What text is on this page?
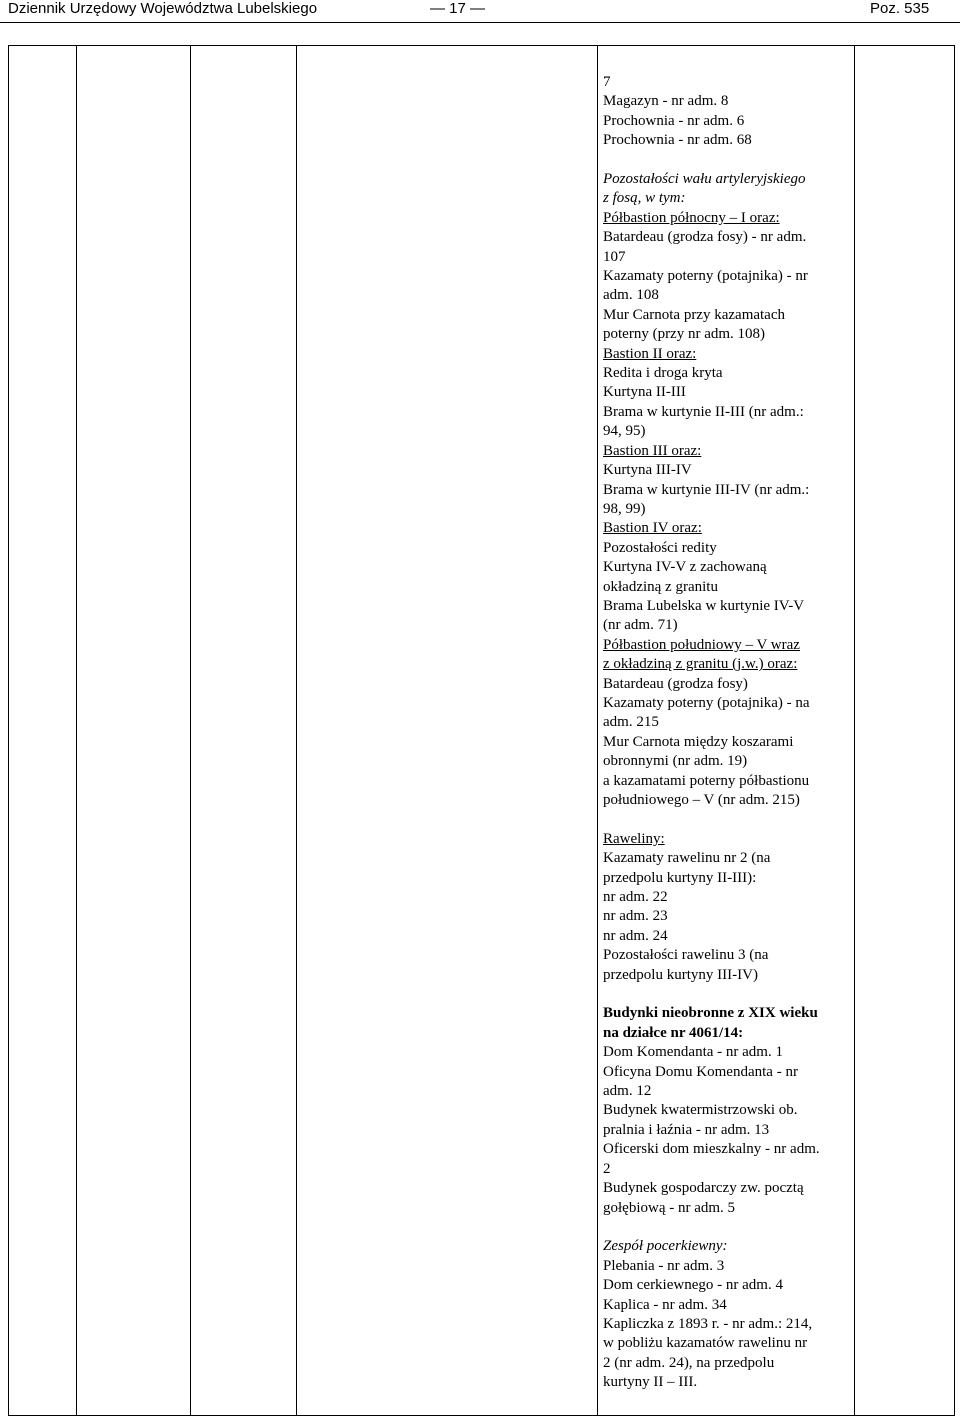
Dziennik Urzędowy Województwa Lubelskiego	— 17 —	Poz. 535

7
Magazyn - nr adm. 8
Prochownia - nr adm. 6
Prochownia - nr adm. 68
Pozostałości wału artyleryjskiego
z fosą, w tym:
Półbastion północny – I oraz:
Batardeau (grodza fosy) - nr adm.
107
Kazamaty poterny (potajnika) - nr
adm. 108
Mur Carnota przy kazamatach
poterny (przy nr adm. 108)
Bastion II oraz:
Redita i droga kryta
Kurtyna II-III
Brama w kurtynie II-III (nr adm.:
94, 95)
Bastion III oraz:
Kurtyna III-IV
Brama w kurtynie III-IV (nr adm.:
98, 99)
Bastion IV oraz:
Pozostałości redity
Kurtyna IV-V z zachowaną
okładziną z granitu
Brama Lubelska w kurtynie IV-V
(nr adm. 71)
Półbastion południowy – V wraz
z okładziną z granitu (j.w.) oraz:
Batardeau (grodza fosy)
Kazamaty poterny (potajnika) - na
adm. 215
Mur Carnota między koszarami
obronnymi (nr adm. 19)
a kazamatami poterny półbastionu
południowego – V (nr adm. 215)
Raweliny:
Kazamaty rawelinu nr 2 (na
przedpolu kurtyny II-III):
nr adm. 22
nr adm. 23
nr adm. 24
Pozostałości rawelinu 3 (na
przedpolu kurtyny III-IV)
Budynki nieobronne z XIX wieku
na działce nr 4061/14:
Dom Komendanta - nr adm. 1
Oficyna Domu Komendanta - nr
adm. 12
Budynek kwatermistrzowski ob.
pralnia i łaźnia - nr adm. 13
Oficerski dom mieszkalny - nr adm.
2
Budynek gospodarczy zw. pocztą
gołębiową - nr adm. 5
Zespół pocerkiewny:
Plebania - nr adm. 3
Dom cerkiewnego - nr adm. 4
Kaplica - nr adm. 34
Kapliczka z 1893 r. - nr adm.: 214,
w pobliżu kazamatów rawelinu nr
2 (nr adm. 24), na przedpolu
kurtyny II – III.
